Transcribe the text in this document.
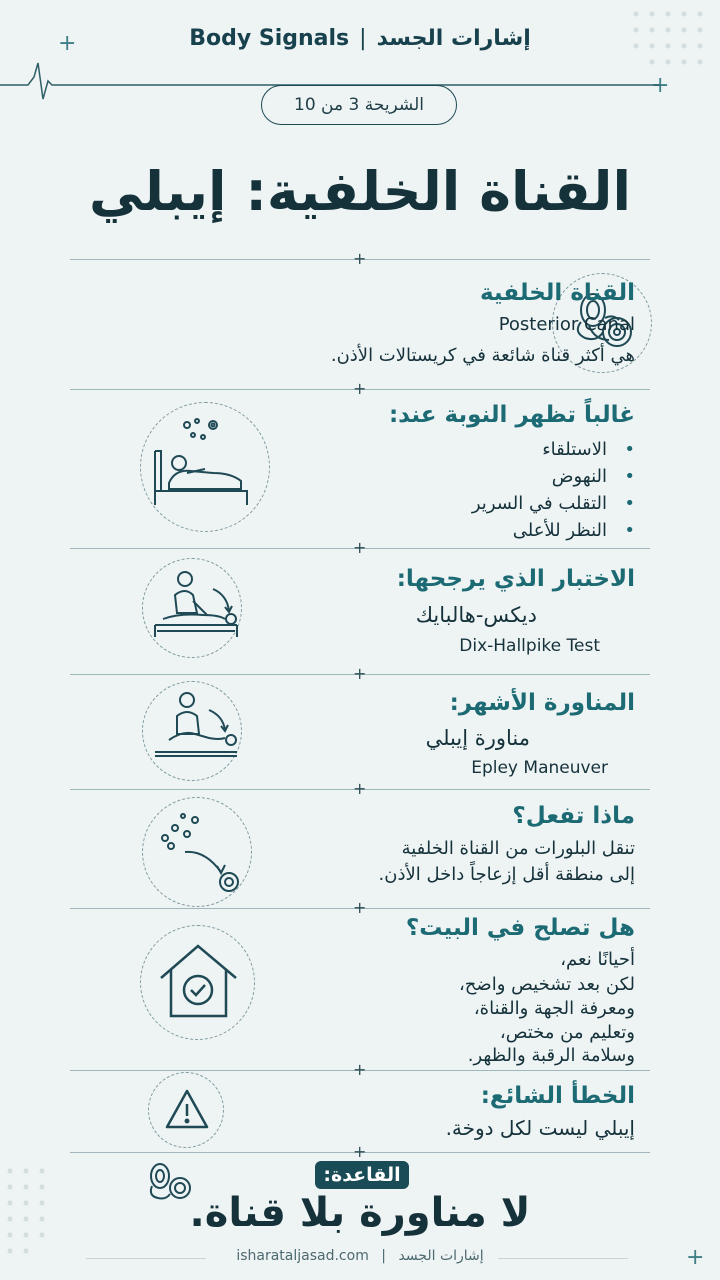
+
+
+
Body Signals | إشارات الجسد
الشريحة 3 من 10
القناة الخلفية: إيبلي
+
+
+
+
+
+
+
+
القناة الخلفية
Posterior Canal
هي أكثر قناة شائعة في كريستالات الأذن.
غالباً تظهر النوبة عند:
• الاستلقاء
• النهوض
• التقلب في السرير
• النظر للأعلى
الاختبار الذي يرجحها:
ديكس-هالبايك
Dix-Hallpike Test
المناورة الأشهر:
مناورة إيبلي
Epley Maneuver
ماذا تفعل؟
تنقل البلورات من القناة الخلفية
إلى منطقة أقل إزعاجاً داخل الأذن.
هل تصلح في البيت؟
أحيانًا نعم،
لكن بعد تشخيص واضح،
ومعرفة الجهة والقناة،
وتعليم من مختص،
وسلامة الرقبة والظهر.
الخطأ الشائع:
إيبلي ليست لكل دوخة.
القاعدة:
لا مناورة بلا قناة.
isharataljasad.com | إشارات الجسد
